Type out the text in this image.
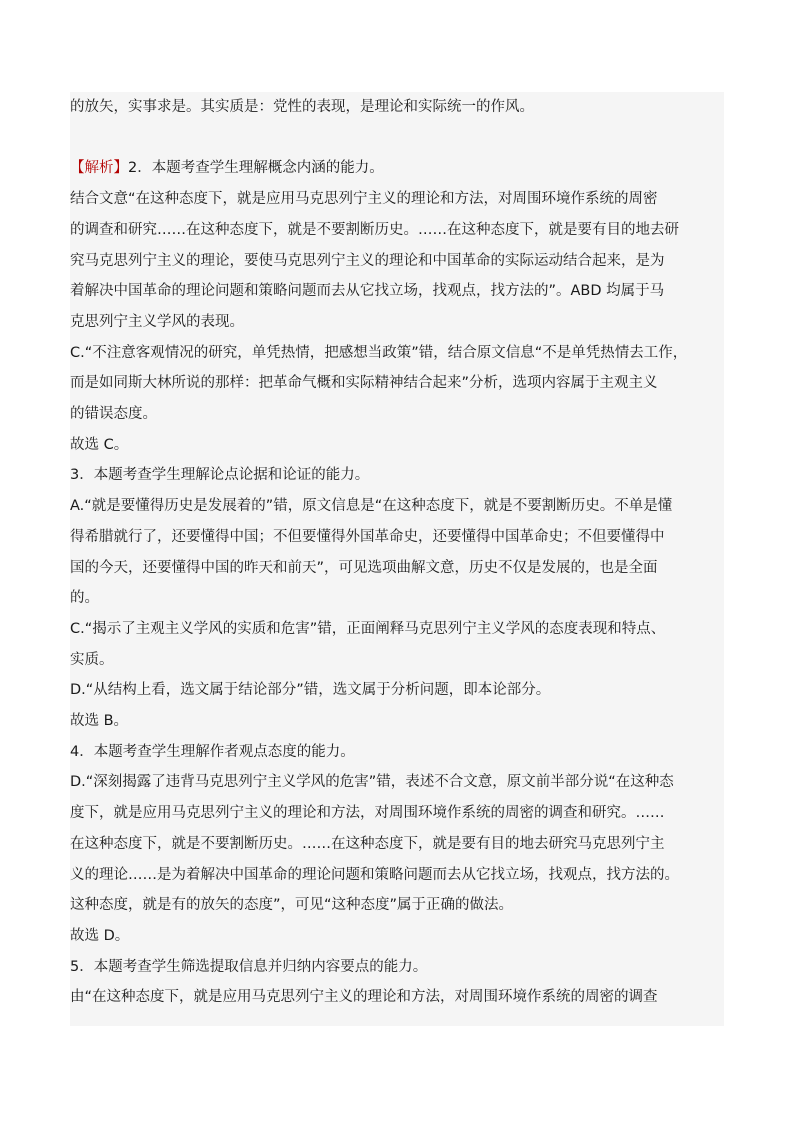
的放矢，实事求是。其实质是：党性的表现，是理论和实际统一的作风。
【解析】2．本题考查学生理解概念内涵的能力。
结合文意“在这种态度下，就是应用马克思列宁主义的理论和方法，对周围环境作系统的周密
的调查和研究……在这种态度下，就是不要割断历史。……在这种态度下，就是要有目的地去研
究马克思列宁主义的理论，要使马克思列宁主义的理论和中国革命的实际运动结合起来，是为
着解决中国革命的理论问题和策略问题而去从它找立场，找观点，找方法的”。ABD 均属于马
克思列宁主义学风的表现。
C.“不注意客观情况的研究，单凭热情，把感想当政策”错，结合原文信息“不是单凭热情去工作，
而是如同斯大林所说的那样：把革命气概和实际精神结合起来”分析，选项内容属于主观主义
的错误态度。
故选 C。
3．本题考查学生理解论点论据和论证的能力。
A.“就是要懂得历史是发展着的”错，原文信息是“在这种态度下，就是不要割断历史。不单是懂
得希腊就行了，还要懂得中国；不但要懂得外国革命史，还要懂得中国革命史；不但要懂得中
国的今天，还要懂得中国的昨天和前天”，可见选项曲解文意，历史不仅是发展的，也是全面
的。
C.“揭示了主观主义学风的实质和危害”错，正面阐释马克思列宁主义学风的态度表现和特点、
实质。
D.“从结构上看，选文属于结论部分”错，选文属于分析问题，即本论部分。
故选 B。
4．本题考查学生理解作者观点态度的能力。
D.“深刻揭露了违背马克思列宁主义学风的危害”错，表述不合文意，原文前半部分说“在这种态
度下，就是应用马克思列宁主义的理论和方法，对周围环境作系统的周密的调查和研究。……
在这种态度下，就是不要割断历史。……在这种态度下，就是要有目的地去研究马克思列宁主
义的理论……是为着解决中国革命的理论问题和策略问题而去从它找立场，找观点，找方法的。
这种态度，就是有的放矢的态度”，可见“这种态度”属于正确的做法。
故选 D。
5．本题考查学生筛选提取信息并归纳内容要点的能力。
由“在这种态度下，就是应用马克思列宁主义的理论和方法，对周围环境作系统的周密的调查
